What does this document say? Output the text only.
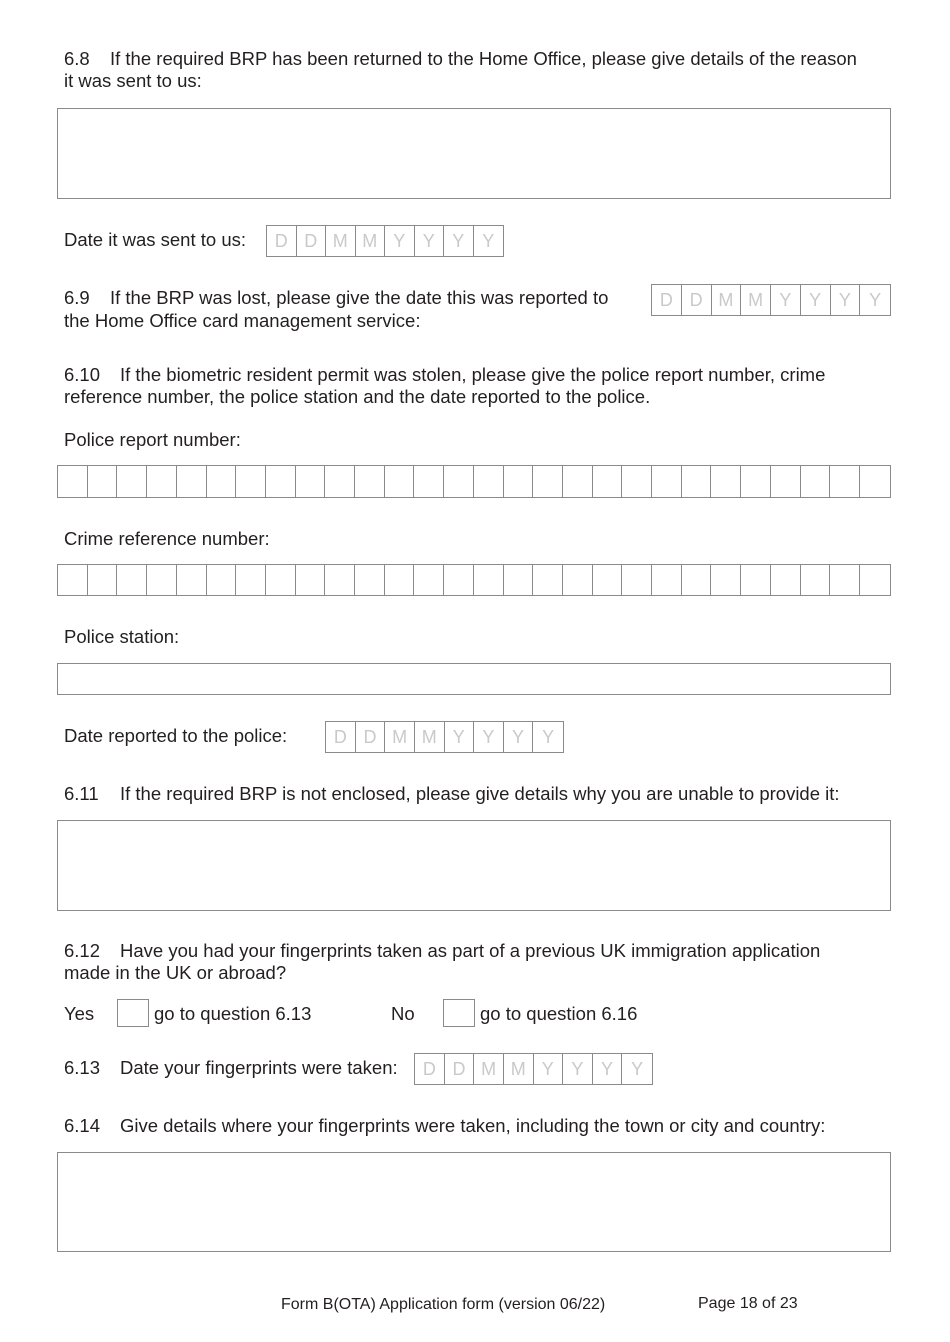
6.8 If the required BRP has been returned to the Home Office, please give details of the reason
it was sent to us:
Date it was sent to us:	D D M M Y Y Y Y
6.9 If the BRP was lost, please give the date this was reported to
the Home Office card management service:
D D M M Y Y Y	Y
6.10 If the biometric resident permit was stolen, please give the police report number, crime
reference number, the police station and the date reported to the police.
Police report number:
Crime reference number:
Police station:
Date reported to the police:	D D M M Y Y Y	Y
6.11 If the required BRP is not enclosed, please give details why you are unable to provide it:
6.12 Have you had your fingerprints taken as part of a previous UK immigration application
made in the UK or abroad?
Yes	go to question 6.13	No	go to question 6.16
6.13 Date your fingerprints were taken:	D D M M Y Y Y	Y
6.14 Give details where your fingerprints were taken, including the town or city and country:
Form B(OTA) Application form (version 06/22)	Page 18 of 23
